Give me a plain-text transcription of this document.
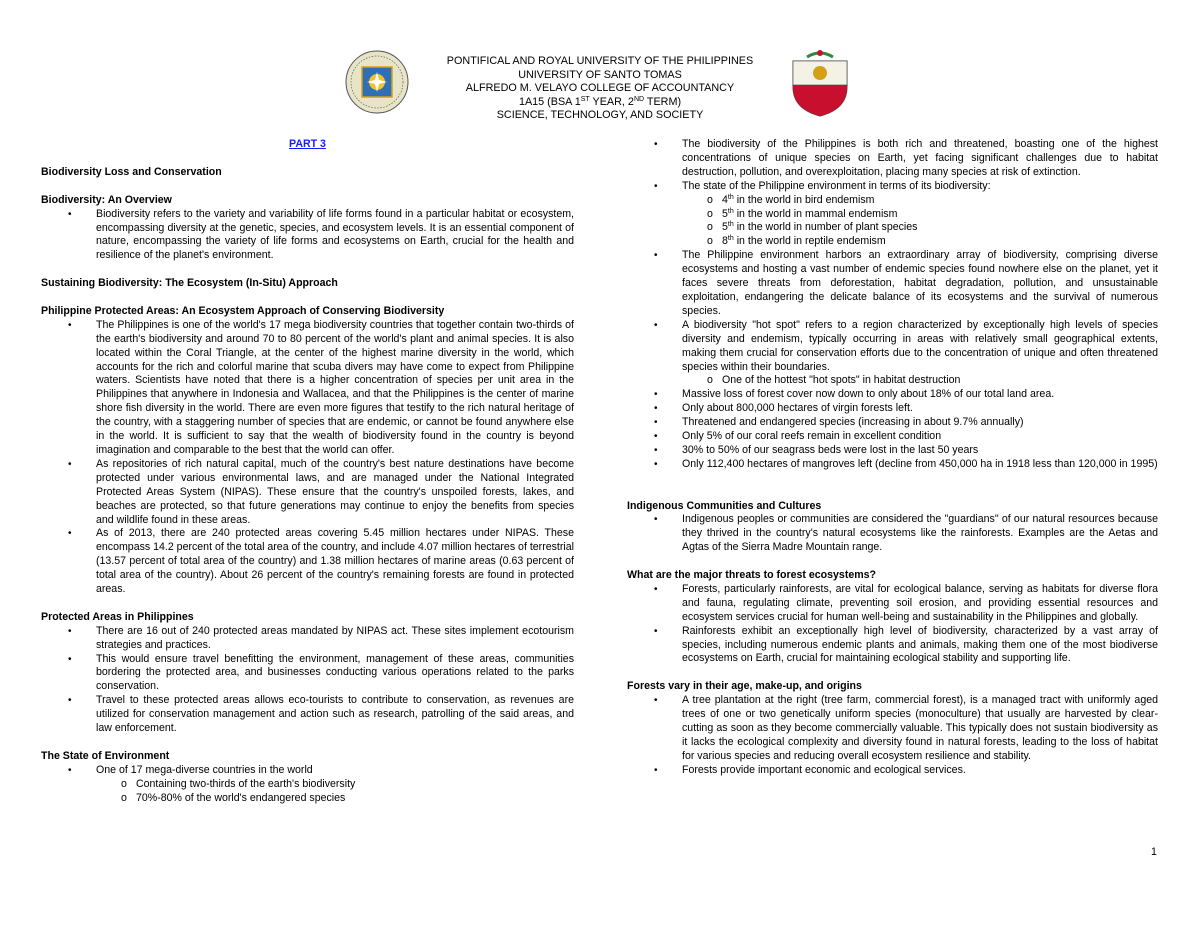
PONTIFICAL AND ROYAL UNIVERSITY OF THE PHILIPPINES
UNIVERSITY OF SANTO TOMAS
ALFREDO M. VELAYO COLLEGE OF ACCOUNTANCY
1A15 (BSA 1ST YEAR, 2ND TERM)
SCIENCE, TECHNOLOGY, AND SOCIETY
PART 3
Biodiversity Loss and Conservation
Biodiversity: An Overview
• Biodiversity refers to the variety and variability of life forms found in a particular habitat or ecosystem, encompassing diversity at the genetic, species, and ecosystem levels. It is an essential component of nature, encompassing the variety of life forms and ecosystems on Earth, crucial for the health and resilience of the planet's environment.
Sustaining Biodiversity: The Ecosystem (In-Situ) Approach
Philippine Protected Areas: An Ecosystem Approach of Conserving Biodiversity
• The Philippines is one of the world's 17 mega biodiversity countries that together contain two-thirds of the earth's biodiversity and around 70 to 80 percent of the world's plant and animal species. It is also located within the Coral Triangle, at the center of the highest marine diversity in the world, which accounts for the rich and colorful marine that scuba divers may have come to expect from Philippine waters. Scientists have noted that there is a higher concentration of species per unit area in the Philippines that anywhere in Indonesia and Wallacea, and that the Philippines is the center of marine shore fish diversity in the world. There are even more figures that testify to the rich natural heritage of the country, with a staggering number of species that are endemic, or cannot be found anywhere else in the world. It is sufficient to say that the wealth of biodiversity found in the country is beyond imagination and comparable to the best that the world can offer.
• As repositories of rich natural capital, much of the country's best nature destinations have become protected under various environmental laws, and are managed under the National Integrated Protected Areas System (NIPAS). These ensure that the country's unspoiled forests, lakes, and beaches are protected, so that future generations may continue to enjoy the benefits from species and wildlife found in these areas.
• As of 2013, there are 240 protected areas covering 5.45 million hectares under NIPAS. These encompass 14.2 percent of the total area of the country, and include 4.07 million hectares of terrestrial (13.57 percent of total area of the country) and 1.38 million hectares of marine areas (0.63 percent of total area of the country). About 26 percent of the country's remaining forests are found in protected areas.
Protected Areas in Philippines
• There are 16 out of 240 protected areas mandated by NIPAS act. These sites implement ecotourism strategies and practices.
• This would ensure travel benefitting the environment, management of these areas, communities bordering the protected area, and businesses conducting various operations related to the parks conservation.
• Travel to these protected areas allows eco-tourists to contribute to conservation, as revenues are utilized for conservation management and action such as research, patrolling of the said areas, and law enforcement.
The State of Environment
• One of 17 mega-diverse countries in the world
o Containing two-thirds of the earth's biodiversity
o 70%-80% of the world's endangered species
• The biodiversity of the Philippines is both rich and threatened, boasting one of the highest concentrations of unique species on Earth, yet facing significant challenges due to habitat destruction, pollution, and overexploitation, placing many species at risk of extinction.
• The state of the Philippine environment in terms of its biodiversity:
o 4th in the world in bird endemism
o 5th in the world in mammal endemism
o 5th in the world in number of plant species
o 8th in the world in reptile endemism
• The Philippine environment harbors an extraordinary array of biodiversity, comprising diverse ecosystems and hosting a vast number of endemic species found nowhere else on the planet, yet it faces severe threats from deforestation, habitat degradation, pollution, and unsustainable exploitation, endangering the delicate balance of its ecosystems and the survival of numerous species.
• A biodiversity "hot spot" refers to a region characterized by exceptionally high levels of species diversity and endemism, typically occurring in areas with relatively small geographical extents, making them crucial for conservation efforts due to the concentration of unique and often threatened species within their boundaries.
o One of the hottest "hot spots" in habitat destruction
• Massive loss of forest cover now down to only about 18% of our total land area.
• Only about 800,000 hectares of virgin forests left.
• Threatened and endangered species (increasing in about 9.7% annually)
• Only 5% of our coral reefs remain in excellent condition
• 30% to 50% of our seagrass beds were lost in the last 50 years
• Only 112,400 hectares of mangroves left (decline from 450,000 ha in 1918 less than 120,000 in 1995)
Indigenous Communities and Cultures
• Indigenous peoples or communities are considered the "guardians" of our natural resources because they thrived in the country's natural ecosystems like the rainforests. Examples are the Aetas and Agtas of the Sierra Madre Mountain range.
What are the major threats to forest ecosystems?
• Forests, particularly rainforests, are vital for ecological balance, serving as habitats for diverse flora and fauna, regulating climate, preventing soil erosion, and providing essential resources and ecosystem services crucial for human well-being and sustainability in the Philippines and globally.
• Rainforests exhibit an exceptionally high level of biodiversity, characterized by a vast array of species, including numerous endemic plants and animals, making them one of the most biodiverse ecosystems on Earth, crucial for maintaining ecological stability and supporting life.
Forests vary in their age, make-up, and origins
• A tree plantation at the right (tree farm, commercial forest), is a managed tract with uniformly aged trees of one or two genetically uniform species (monoculture) that usually are harvested by clear-cutting as soon as they become commercially valuable. This typically does not sustain biodiversity as it lacks the ecological complexity and diversity found in natural forests, leading to the loss of habitat for various species and reducing overall ecosystem resilience and stability.
• Forests provide important economic and ecological services.
1
